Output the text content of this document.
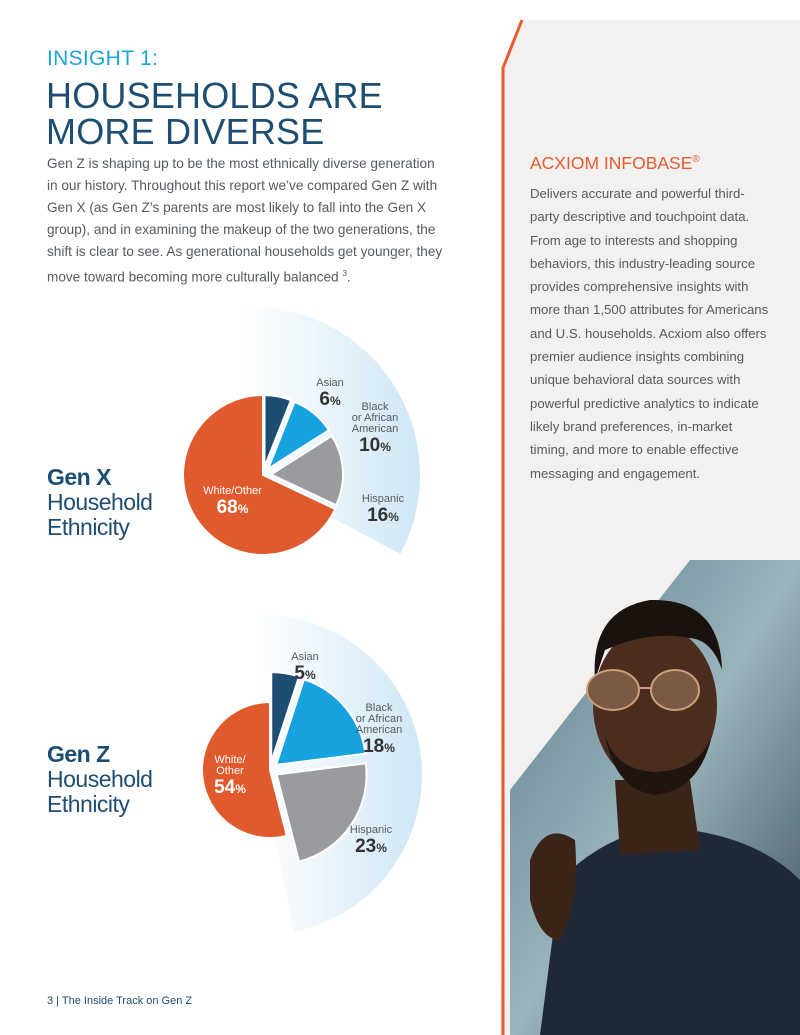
INSIGHT 1:
HOUSEHOLDS ARE
MORE DIVERSE
Gen Z is shaping up to be the most ethnically diverse generation in our history. Throughout this report we’ve compared Gen Z with Gen X (as Gen Z’s parents are most likely to fall into the Gen X group), and in examining the makeup of the two generations, the shift is clear to see. As generational households get younger, they move toward becoming more culturally balanced $^3$.
ACXIOM INFOBASE®
Delivers accurate and powerful third-party descriptive and touchpoint data. From age to interests and shopping behaviors, this industry-leading source provides comprehensive insights with more than 1,500 attributes for Americans and U.S. households. Acxiom also offers premier audience insights combining unique behavioral data sources with powerful predictive analytics to indicate likely brand preferences, in-market timing, and more to enable effective messaging and engagement.
Gen X
Household
Ethnicity
Gen Z
Household
Ethnicity
Asian
6%	Black
or African
American
10%
Hispanic
16%
White/Other
68%
Asian
5%
Black
or African
American
18%
Hispanic
23%
White/
Other
54%
3 | The Inside Track on Gen Z
